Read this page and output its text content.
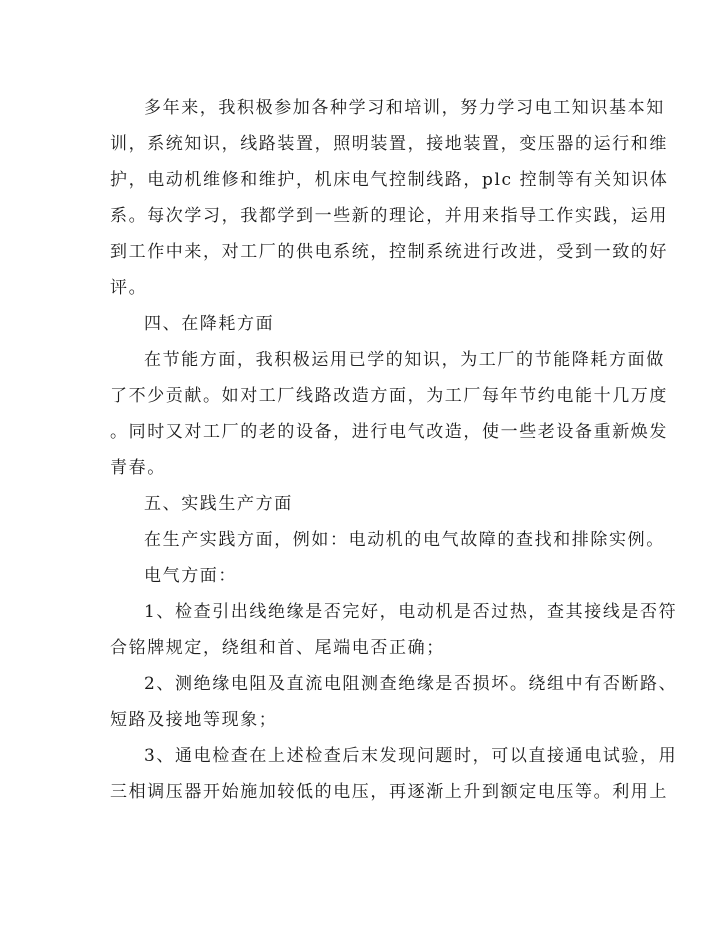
多年来，我积极参加各种学习和培训，努力学习电工知识基本知
训，系统知识，线路装置，照明装置，接地装置，变压器的运行和维
护，电动机维修和维护，机床电气控制线路，plc 控制等有关知识体
系。每次学习，我都学到一些新的理论，并用来指导工作实践，运用
到工作中来，对工厂的供电系统，控制系统进行改进，受到一致的好
评。
四、在降耗方面
在节能方面，我积极运用已学的知识，为工厂的节能降耗方面做
了不少贡献。如对工厂线路改造方面，为工厂每年节约电能十几万度
。同时又对工厂的老的设备，进行电气改造，使一些老设备重新焕发
青春。
五、实践生产方面
在生产实践方面，例如：电动机的电气故障的查找和排除实例。
电气方面：
1、检查引出线绝缘是否完好，电动机是否过热，查其接线是否符
合铭牌规定，绕组和首、尾端电否正确；
2、测绝缘电阻及直流电阻测查绝缘是否损坏。绕组中有否断路、
短路及接地等现象；
3、通电检查在上述检查后末发现问题时，可以直接通电试验，用
三相调压器开始施加较低的电压，再逐渐上升到额定电压等。利用上
